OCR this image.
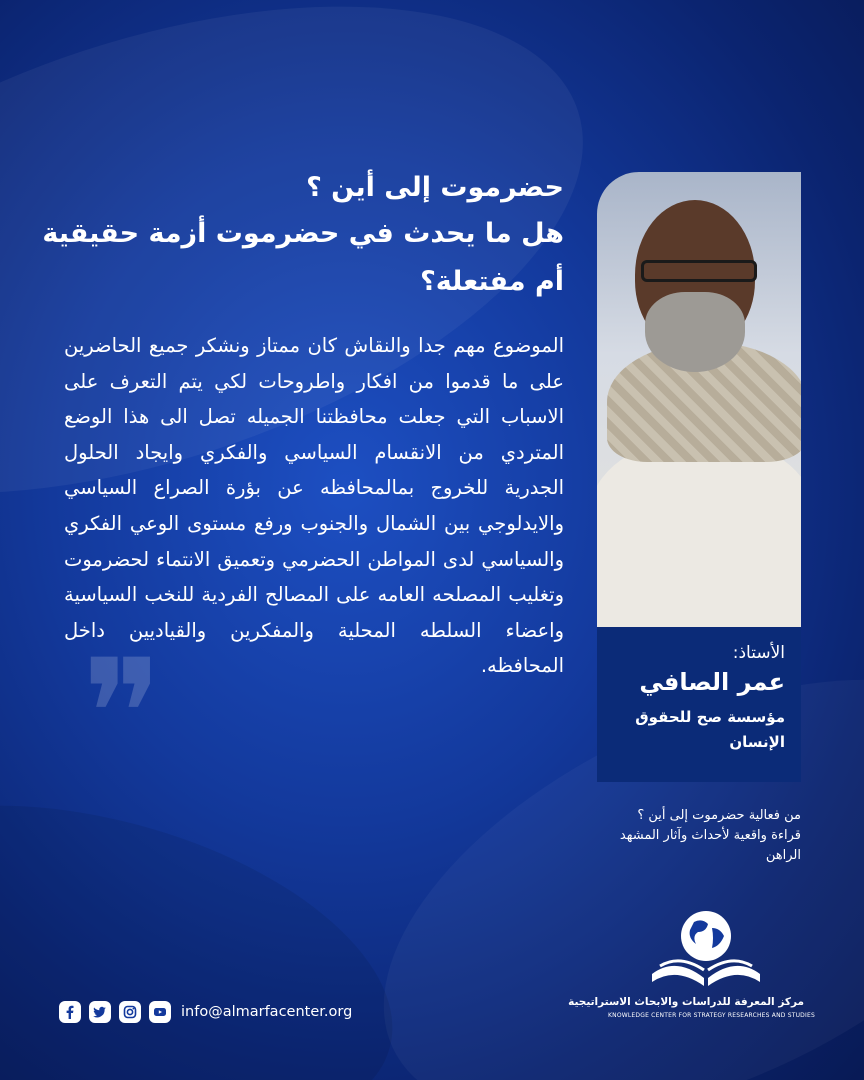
حضرموت إلى أين ؟
هل ما يحدث في حضرموت أزمة حقيقية أم مفتعلة؟
الموضوع مهم جدا والنقاش كان ممتاز ونشكر جميع الحاضرين على ما قدموا من افكار واطروحات لكي يتم التعرف على الاسباب التي جعلت محافظتنا الجميله تصل الى هذا الوضع المتردي من الانقسام السياسي والفكري وايجاد الحلول الجدرية للخروج بمالمحافظه عن بؤرة الصراع السياسي والايدلوجي بين الشمال والجنوب ورفع مستوى الوعي الفكري والسياسي لدى المواطن الحضرمي وتعميق الانتماء لحضرموت وتغليب المصلحه العامه على المصالح الفردية للنخب السياسية واعضاء السلطه المحلية والمفكرين والقياديين داخل المحافظه.
❞	الأستاذ:
عمر الصافي
مؤسسة صح للحقوق الإنسان
من فعالية حضرموت إلى أين ؟
قراءة واقعية لأحداث وآثار المشهد الراهن
مركز المعرفة للدراسات والابحاث الاستراتيجية
KNOWLEDGE CENTER FOR STRATEGY RESEARCHES AND STUDIES
info@almarfacenter.org
